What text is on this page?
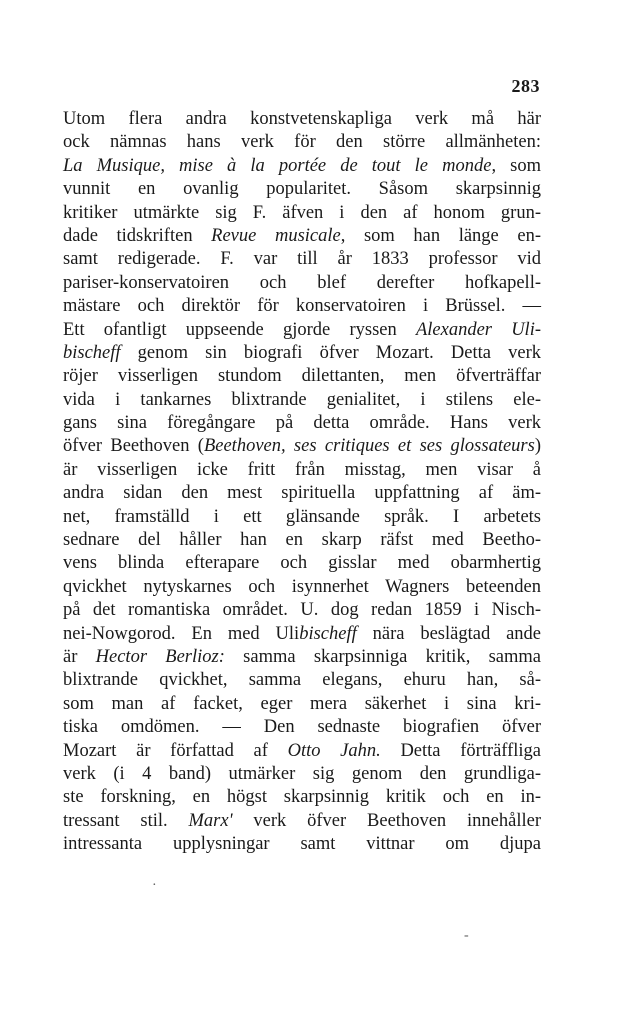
283
Utom flera andra konstvetenskapliga verk må här
ock nämnas hans verk för den större allmänheten:
La Musique, mise à la portée de tout le monde, som
vunnit en ovanlig popularitet. Såsom skarpsinnig
kritiker utmärkte sig F. äfven i den af honom grun-
dade tidskriften Revue musicale, som han länge en-
samt redigerade. F. var till år 1833 professor vid
pariser-konservatoiren och blef derefter hofkapell-
mästare och direktör för konservatoiren i Brüssel. —
Ett ofantligt uppseende gjorde ryssen Alexander Uli-
bischeff genom sin biografi öfver Mozart. Detta verk
röjer visserligen stundom dilettanten, men öfverträffar
vida i tankarnes blixtrande genialitet, i stilens ele-
gans sina föregångare på detta område. Hans verk
öfver Beethoven (Beethoven, ses critiques et ses glossateurs)
är visserligen icke fritt från misstag, men visar å
andra sidan den mest spirituella uppfattning af äm-
net, framställd i ett glänsande språk. I arbetets
sednare del håller han en skarp räfst med Beetho-
vens blinda efterapare och gisslar med obarmhertig
qvickhet nytyskarnes och isynnerhet Wagners beteenden
på det romantiska området. U. dog redan 1859 i Nisch-
nei-Nowgorod. En med Ulibischeff nära beslägtad ande
är Hector Berlioz: samma skarpsinniga kritik, samma
blixtrande qvickhet, samma elegans, ehuru han, så-
som man af facket, eger mera säkerhet i sina kri-
tiska omdömen. — Den sednaste biografien öfver
Mozart är författad af Otto Jahn. Detta förträffliga
verk (i 4 band) utmärker sig genom den grundliga-
ste forskning, en högst skarpsinnig kritik och en in-
tressant stil. Marx' verk öfver Beethoven innehåller
intressanta upplysningar samt vittnar om djupa
·
-
